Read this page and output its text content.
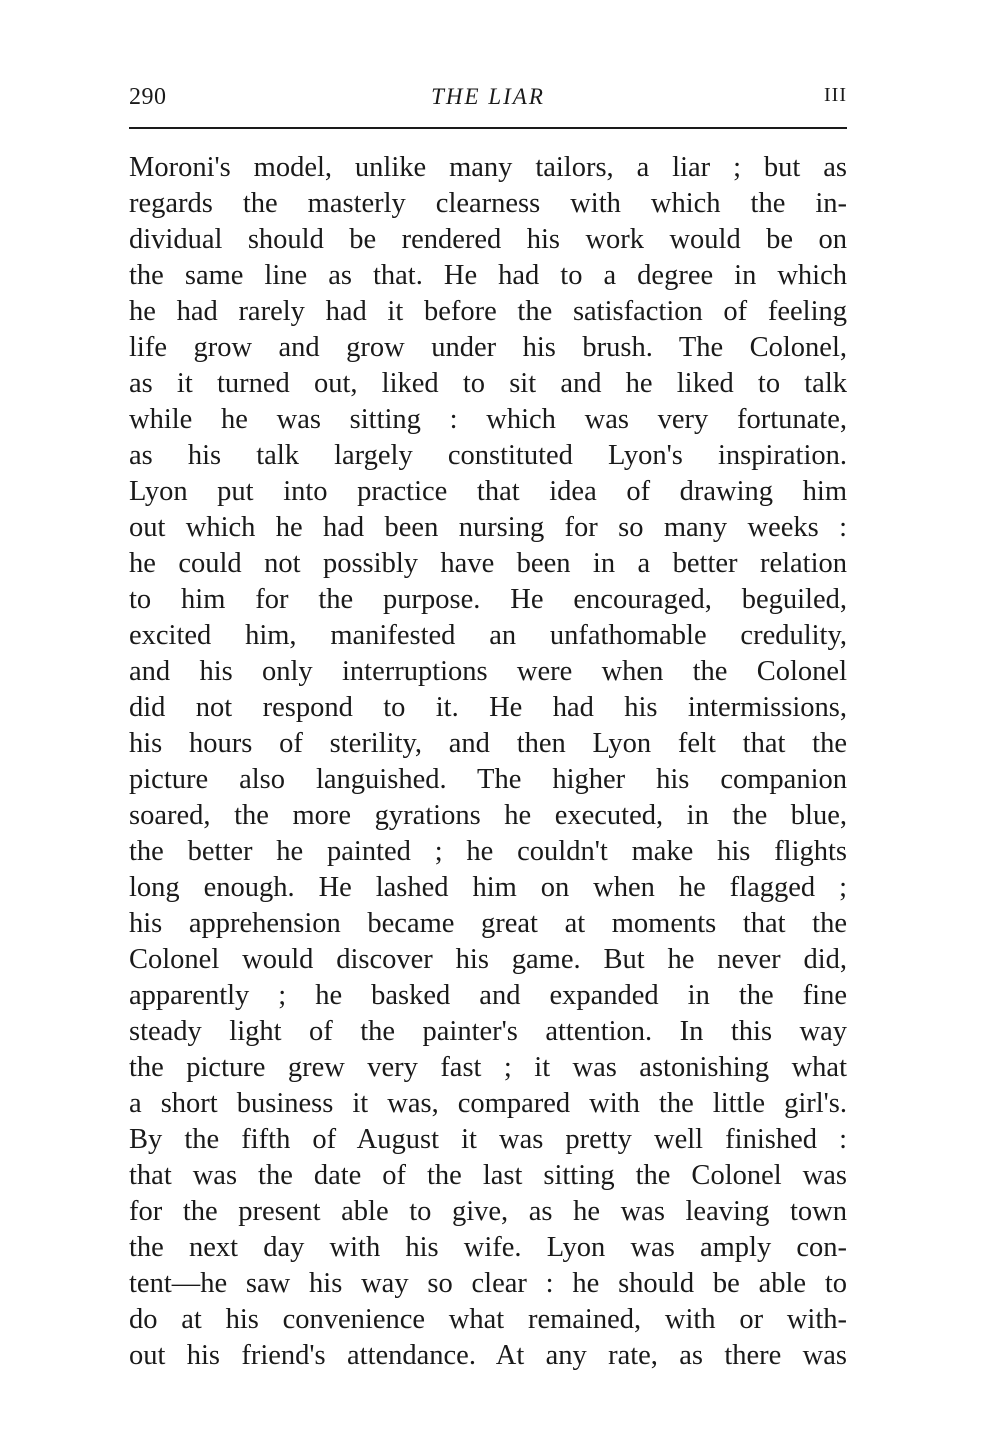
290	THE LIAR	III
Moroni's model, unlike many tailors, a liar ; but as
regards the masterly clearness with which the in-
dividual should be rendered his work would be on
the same line as that. He had to a degree in which
he had rarely had it before the satisfaction of feeling
life grow and grow under his brush. The Colonel,
as it turned out, liked to sit and he liked to talk
while he was sitting : which was very fortunate,
as his talk largely constituted Lyon's inspiration.
Lyon put into practice that idea of drawing him
out which he had been nursing for so many weeks :
he could not possibly have been in a better relation
to him for the purpose. He encouraged, beguiled,
excited him, manifested an unfathomable credulity,
and his only interruptions were when the Colonel
did not respond to it. He had his intermissions,
his hours of sterility, and then Lyon felt that the
picture also languished. The higher his companion
soared, the more gyrations he executed, in the blue,
the better he painted ; he couldn't make his flights
long enough. He lashed him on when he flagged ;
his apprehension became great at moments that the
Colonel would discover his game. But he never did,
apparently ; he basked and expanded in the fine
steady light of the painter's attention. In this way
the picture grew very fast ; it was astonishing what
a short business it was, compared with the little girl's.
By the fifth of August it was pretty well finished :
that was the date of the last sitting the Colonel was
for the present able to give, as he was leaving town
the next day with his wife. Lyon was amply con-
tent—he saw his way so clear : he should be able to
do at his convenience what remained, with or with-
out his friend's attendance. At any rate, as there was
